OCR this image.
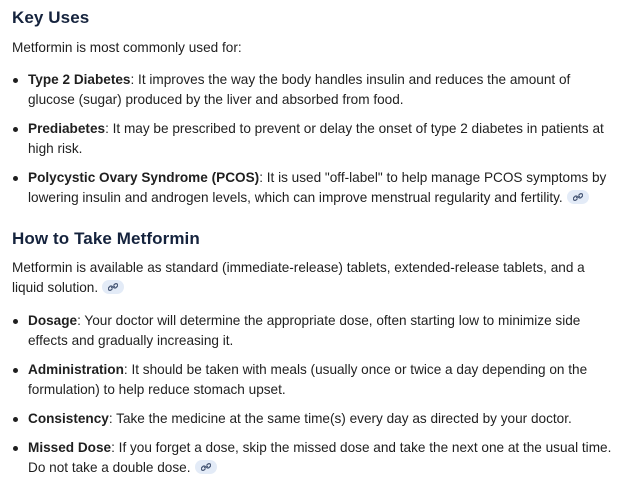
Key Uses

Metformin is most commonly used for:

Type 2 Diabetes: It improves the way the body handles insulin and reduces the amount of glucose (sugar) produced by the liver and absorbed from food.
Prediabetes: It may be prescribed to prevent or delay the onset of type 2 diabetes in patients at high risk.
Polycystic Ovary Syndrome (PCOS): It is used "off-label" to help manage PCOS symptoms by lowering insulin and androgen levels, which can improve menstrual regularity and fertility.
How to Take Metformin

Metformin is available as standard (immediate-release) tablets, extended-release tablets, and a liquid solution.

Dosage: Your doctor will determine the appropriate dose, often starting low to minimize side effects and gradually increasing it.
Administration: It should be taken with meals (usually once or twice a day depending on the formulation) to help reduce stomach upset.
Consistency: Take the medicine at the same time(s) every day as directed by your doctor.
Missed Dose: If you forget a dose, skip the missed dose and take the next one at the usual time. Do not take a double dose.
